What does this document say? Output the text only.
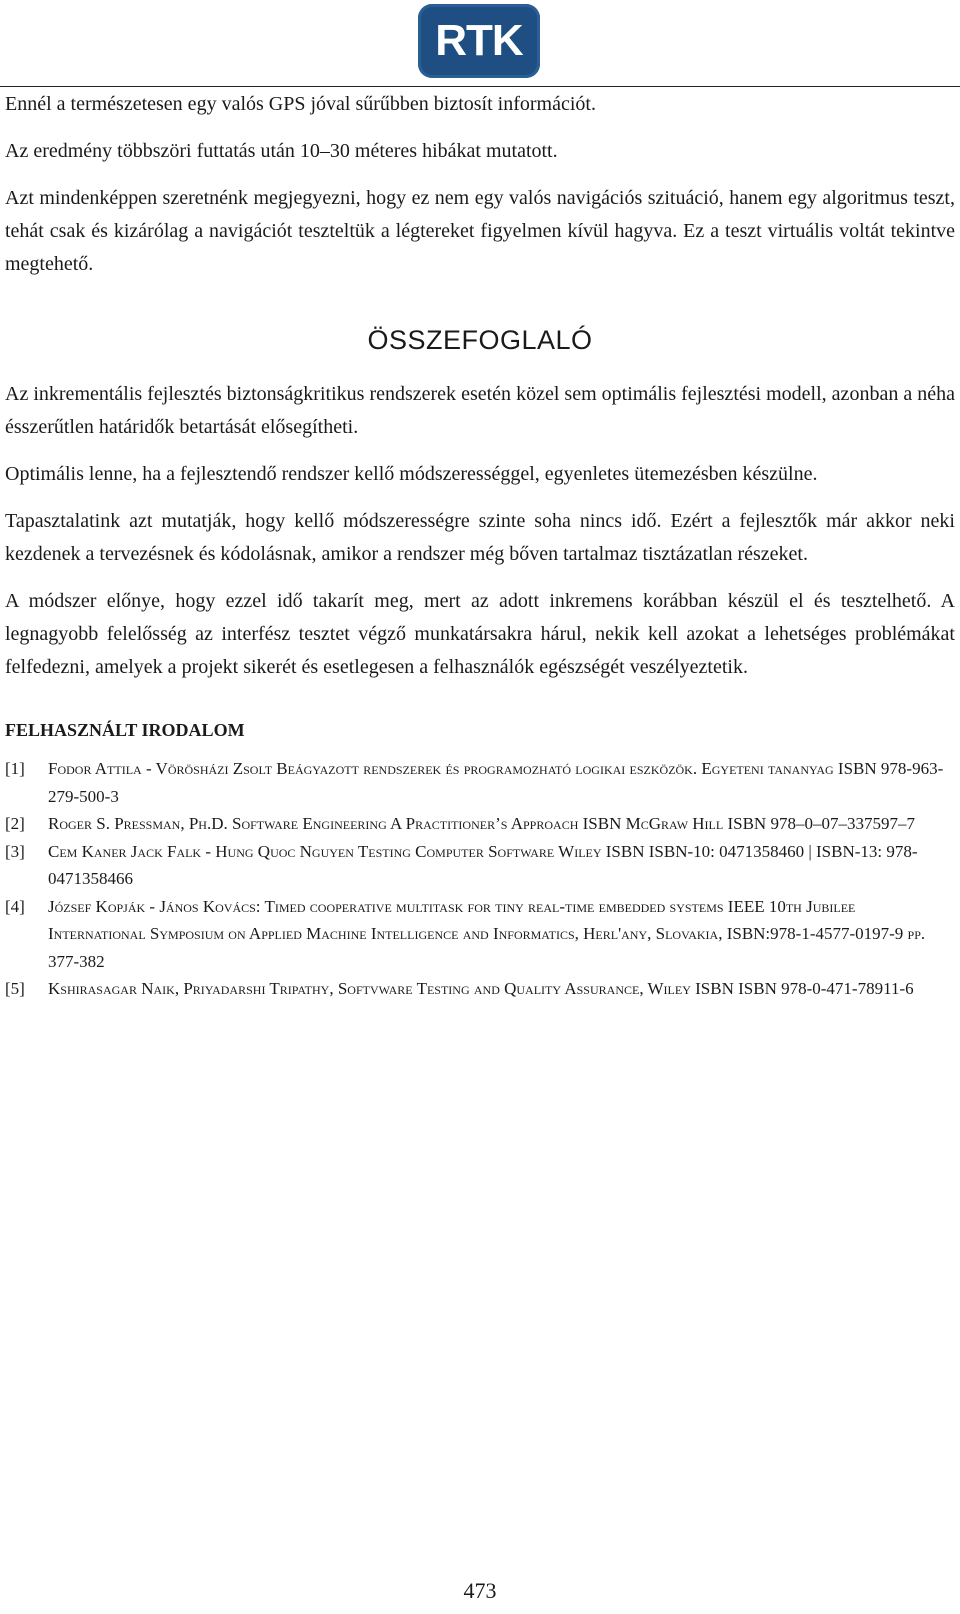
RTK

Ennél a természetesen egy valós GPS jóval sűrűbben biztosít információt.

Az eredmény többszöri futtatás után 10–30 méteres hibákat mutatott.

Azt mindenképpen szeretnénk megjegyezni, hogy ez nem egy valós navigációs szituáció, hanem egy algoritmus teszt, tehát csak és kizárólag a navigációt teszteltük a légtereket figyelmen kívül hagyva. Ez a teszt virtuális voltát tekintve megtehető.

ÖSSZEFOGLALÓ

Az inkrementális fejlesztés biztonságkritikus rendszerek esetén közel sem optimális fejlesztési modell, azonban a néha ésszerűtlen határidők betartását elősegítheti.

Optimális lenne, ha a fejlesztendő rendszer kellő módszerességgel, egyenletes ütemezésben készülne.

Tapasztalatink azt mutatják, hogy kellő módszerességre szinte soha nincs idő. Ezért a fejlesztők már akkor neki kezdenek a tervezésnek és kódolásnak, amikor a rendszer még bőven tartalmaz tisztázatlan részeket.

A módszer előnye, hogy ezzel idő takarít meg, mert az adott inkremens korábban készül el és tesztelhető. A legnagyobb felelősség az interfész tesztet végző munkatársakra hárul, nekik kell azokat a lehetséges problémákat felfedezni, amelyek a projekt sikerét és esetlegesen a felhasználók egészségét veszélyeztetik.

FELHASZNÁLT IRODALOM
[1]	Fodor Attila - Vörösházi Zsolt Beágyazott rendszerek és programozható logikai eszközök. Egyeteni tananyag ISBN 978-963-279-500-3
[2]	Roger S. Pressman, Ph.D. Software Engineering A Practitioner’s Approach ISBN McGraw Hill ISBN 978–0–07–337597–7
[3]	Cem Kaner Jack Falk - Hung Quoc Nguyen Testing Computer Software Wiley ISBN ISBN-10: 0471358460 | ISBN-13: 978-0471358466
[4]	József Kopják - János Kovács: Timed cooperative multitask for tiny real-time embedded systems IEEE 10th Jubilee International Symposium on Applied Machine Intelligence and Informatics, Herl'any, Slovakia, ISBN:978-1-4577-0197-9 pp. 377-382
[5]	Kshirasagar Naik, Priyadarshi Tripathy, Softvware Testing and Quality Assurance, Wiley ISBN ISBN 978-0-471-78911-6
473
